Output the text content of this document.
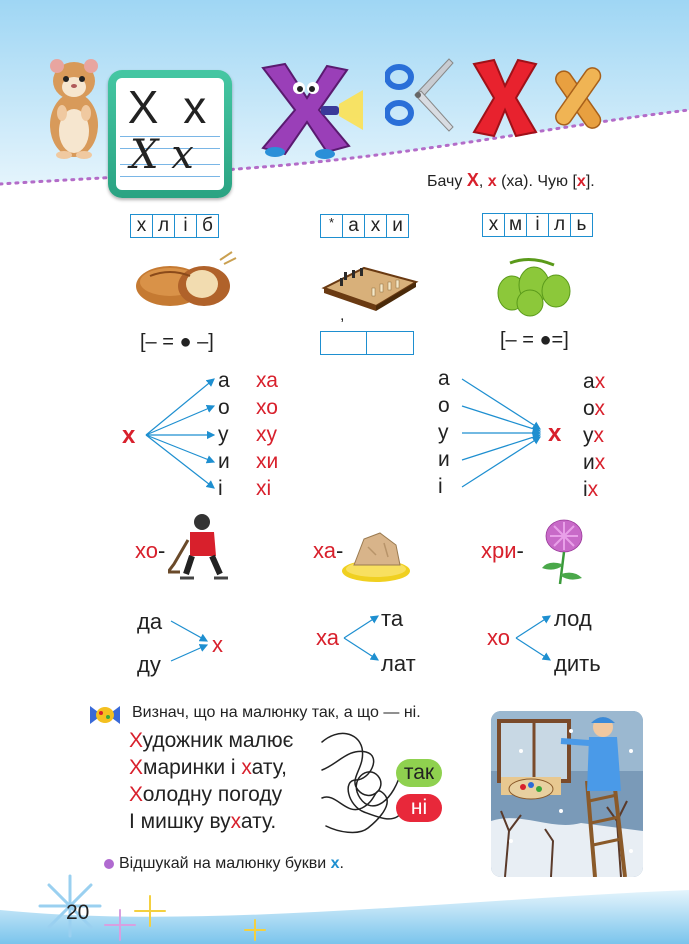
Х х
Х х
Бачу Х, х (ха). Чую [х].
х л і б	* а х и	х м і л ь
,
[– = ● –]	[– = ●=]
х
а
о
у
и
і
ха
хо
ху
хи
хі
а
о
у
и
і
х
ах
ох
ух
их
іх
хо-	ха-	хри-
да
ду
х	ха
та
лат
хо
лод
дить
Визнач, що на малюнку так, а що — ні.
Художник малює
Хмаринки і хату,
Холодну погоду
І мишку вухату.
так
ні
Відшукай на малюнку букви х.
20
